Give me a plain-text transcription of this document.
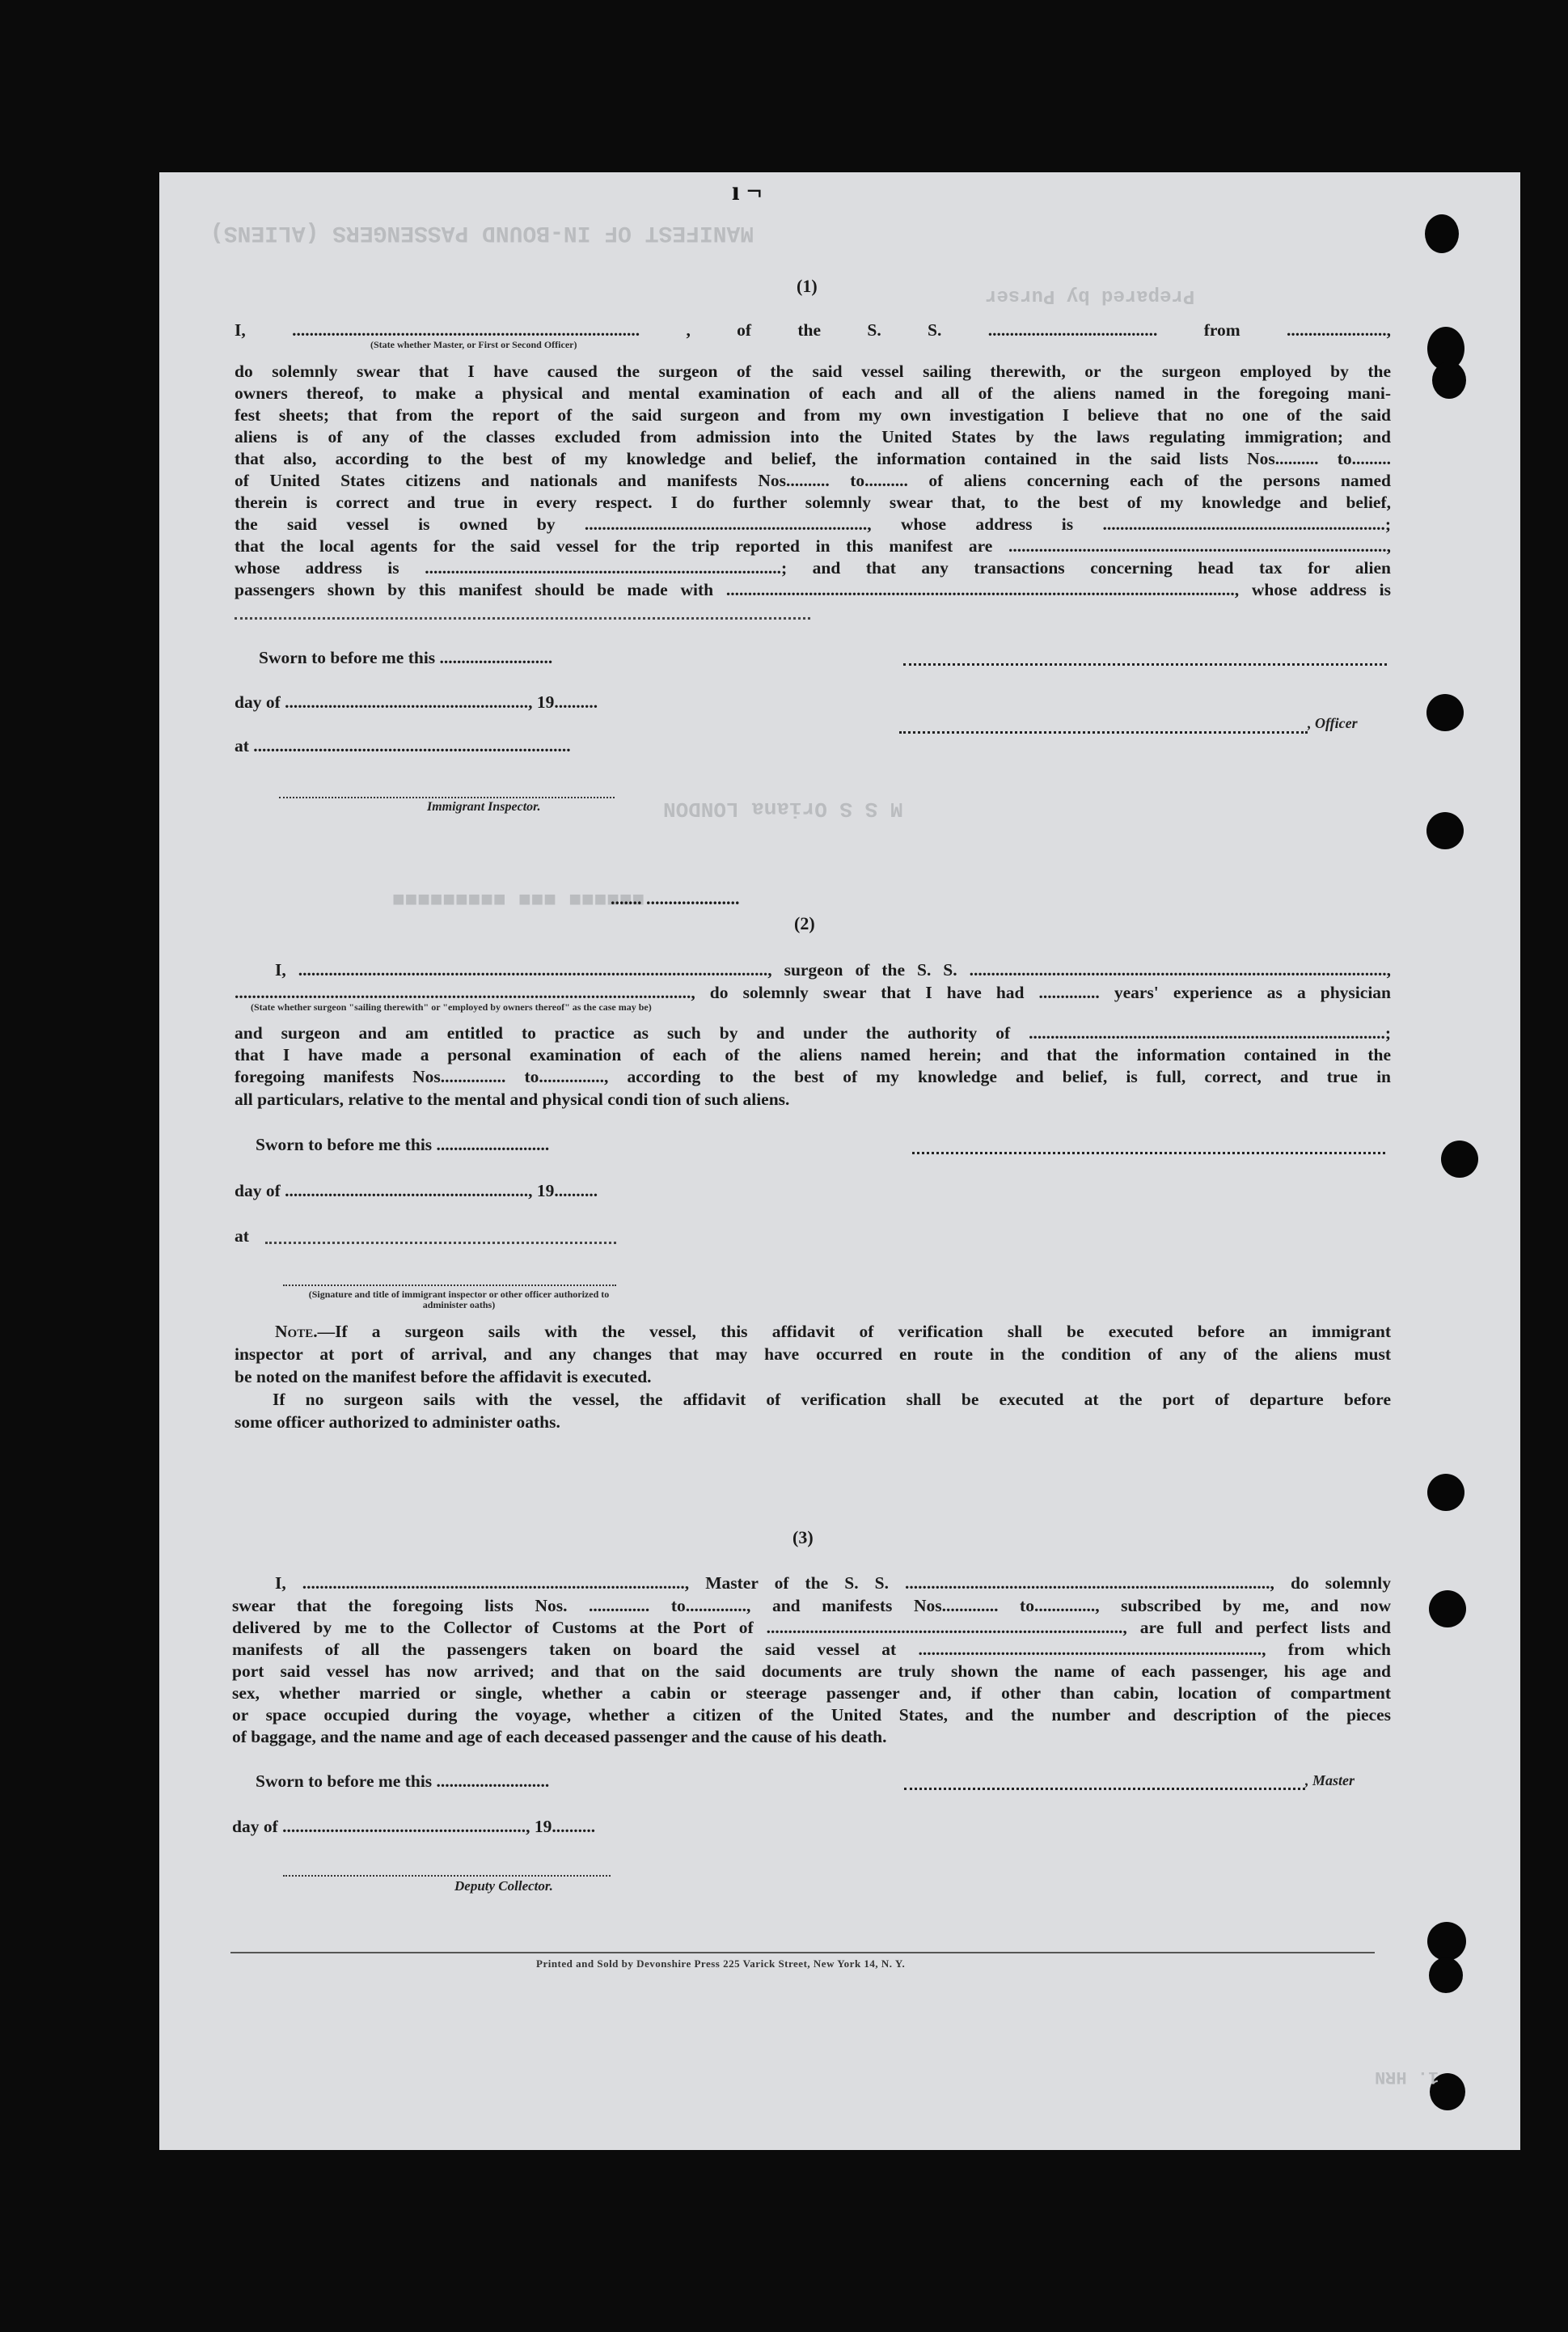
MANIFEST OF IN-BOUND PASSENGERS (ALIENS)
Prepared by Purser
M S S Oriana LONDON
1. HRN
ı ¬
(1)
I, ................................................................................	, of the S. S. .......................................	from .......................,
(State whether Master, or First or Second Officer)
do solemnly swear that I have caused the surgeon of the said vessel sailing therewith, or the surgeon employed by the
owners thereof, to make a physical and mental examination of each and all of the aliens named in the foregoing mani-
fest sheets; that from the report of the said surgeon and from my own investigation I believe that no one of the said
aliens is of any of the classes excluded from admission into the United States by the laws regulating immigration; and
that also, according to the best of my knowledge and belief, the information contained in the said lists Nos.......... to.........
of United States citizens and nationals and manifests Nos.......... to.......... of aliens concerning each of the persons named
therein is correct and true in every respect. I do further solemnly swear that, to the best of my knowledge and belief,
the said vessel is owned by ................................................................., whose address is .................................................................;
that the local agents for the said vessel for the trip reported in this manifest are .......................................................................................,
whose address is ..................................................................................; and that any transactions concerning head tax for alien
passengers shown by this manifest should be made with ....................................................................................................................., whose address is
Sworn to before me this ..........................
day of ........................................................, 19..........
at .........................................................................
, Officer
Immigrant Inspector.
■■■■■■■■■ ■■■ ■■■■■■
....... .....................
(2)
I, ............................................................................................................, surgeon of the S. S. ................................................................................................,
........................................................................................................., do solemnly swear that I have had .............. years' experience as a physician
(State whether surgeon "sailing therewith" or "employed by owners thereof" as the case may be)
and surgeon and am entitled to practice as such by and under the authority of ..................................................................................;
that I have made a personal examination of each of the aliens named herein; and that the information contained in the
foregoing manifests Nos............... to..............., according to the best of my knowledge and belief, is full, correct, and true in
all particulars, relative to the mental and physical condi tion of such aliens.
Sworn to before me this ..........................
day of ........................................................, 19..........
at
(Signature and title of immigrant inspector or other officer authorized to administer oaths)
Note.—If a surgeon sails with the vessel, this affidavit of verification shall be executed before an immigrant
inspector at port of arrival, and any changes that may have occurred en route in the condition of any of the aliens must
be noted on the manifest before the affidavit is executed.
If no surgeon sails with the vessel, the affidavit of verification shall be executed at the port of departure before
some officer authorized to administer oaths.
(3)
I, ........................................................................................, Master of the S. S. ...................................................................................., do solemnly
swear that the foregoing lists Nos. .............. to.............., and manifests Nos............. to.............., subscribed by me, and now
delivered by me to the Collector of Customs at the Port of .................................................................................., are full and perfect lists and
manifests of all the passengers taken on board the said vessel at ..............................................................................., from which
port said vessel has now arrived; and that on the said documents are truly shown the name of each passenger, his age and
sex, whether married or single, whether a cabin or steerage passenger and, if other than cabin, location of compartment
or space occupied during the voyage, whether a citizen of the United States, and the number and description of the pieces
of baggage, and the name and age of each deceased passenger and the cause of his death.
Sworn to before me this ..........................	, Master
day of ........................................................, 19..........
Deputy Collector.
Printed and Sold by Devonshire Press 225 Varick Street, New York 14, N. Y.
